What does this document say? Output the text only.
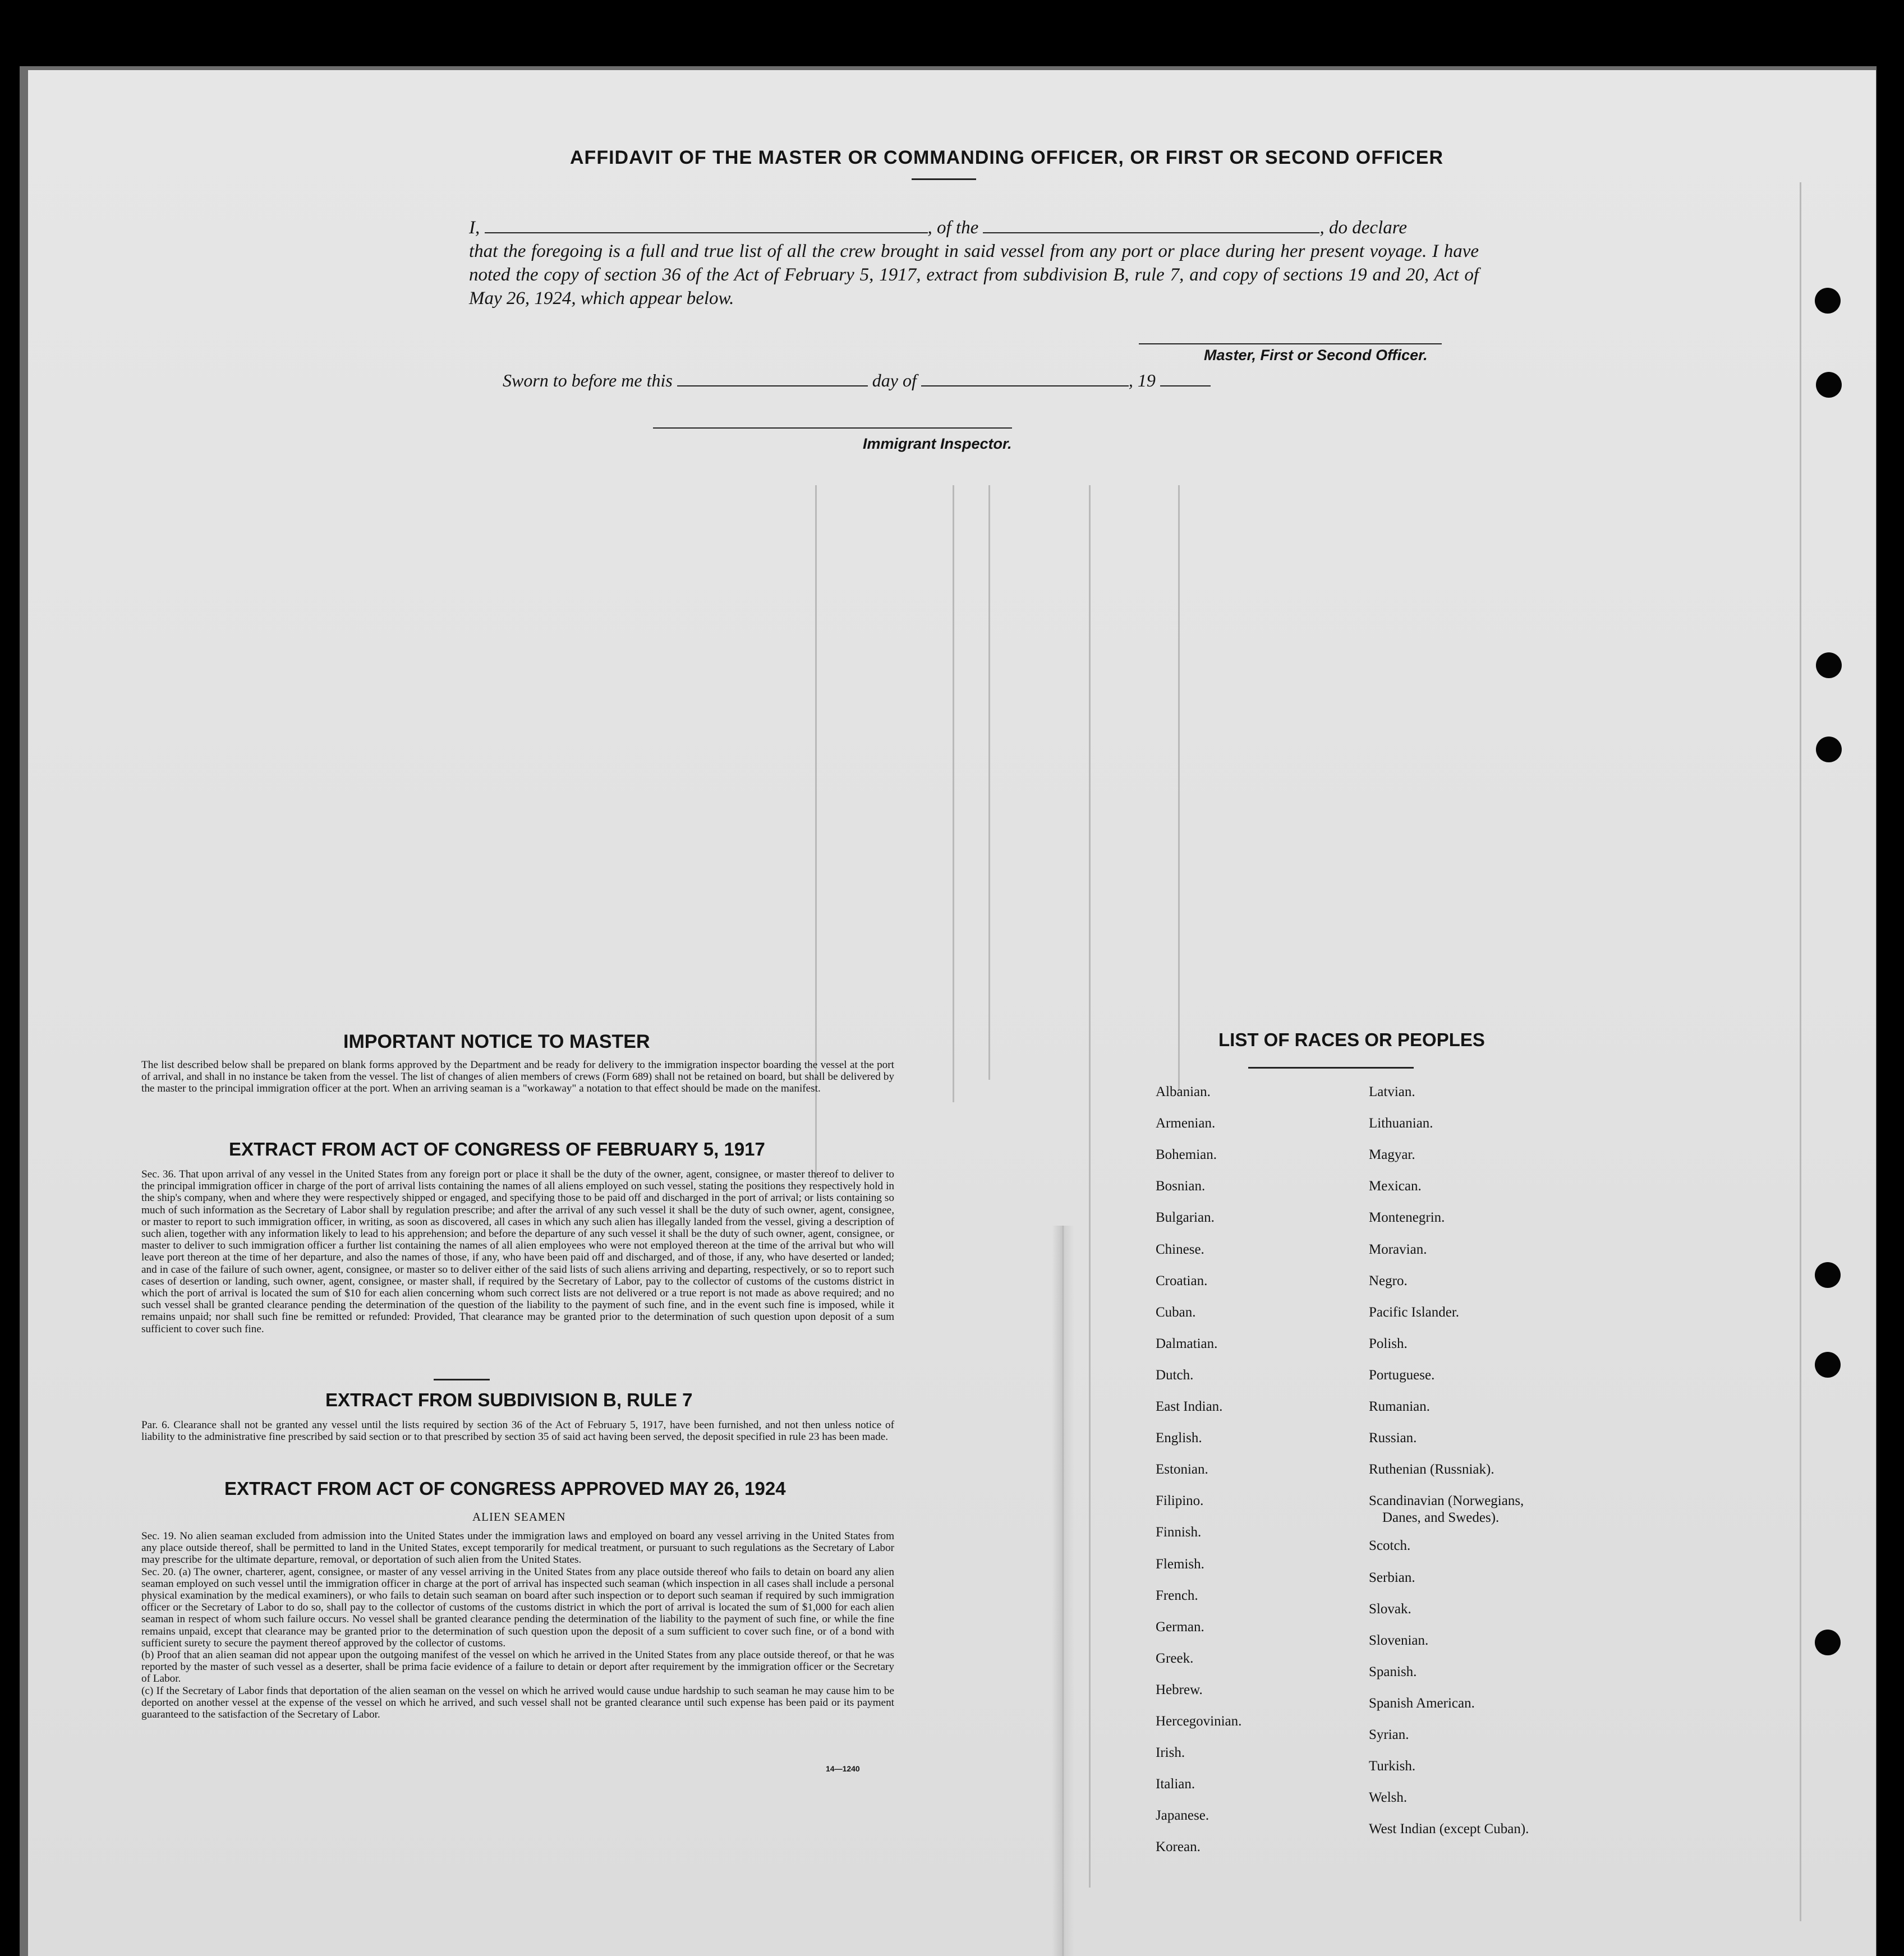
AFFIDAVIT OF THE MASTER OR COMMANDING OFFICER, OR FIRST OR SECOND OFFICER
I,	, of the	, do declare
that the foregoing is a full and true list of all the crew brought in said vessel from any port or place during her present voyage. I have noted the copy of section 36 of the Act of February 5, 1917, extract from subdivision B, rule 7, and copy of sections 19 and 20, Act of May 26, 1924, which appear below.
Master, First or Second Officer.
Sworn to before me this	day of	, 19
Immigrant Inspector.
IMPORTANT NOTICE TO MASTER
The list described below shall be prepared on blank forms approved by the Department and be ready for delivery to the immigration inspector boarding the vessel at the port of arrival, and shall in no instance be taken from the vessel. The list of changes of alien members of crews (Form 689) shall not be retained on board, but shall be delivered by the master to the principal immigration officer at the port. When an arriving seaman is a "workaway" a notation to that effect should be made on the manifest.
EXTRACT FROM ACT OF CONGRESS OF FEBRUARY 5, 1917
Sec. 36. That upon arrival of any vessel in the United States from any foreign port or place it shall be the duty of the owner, agent, consignee, or master thereof to deliver to the principal immigration officer in charge of the port of arrival lists containing the names of all aliens employed on such vessel, stating the positions they respectively hold in the ship's company, when and where they were respectively shipped or engaged, and specifying those to be paid off and discharged in the port of arrival; or lists containing so much of such information as the Secretary of Labor shall by regulation prescribe; and after the arrival of any such vessel it shall be the duty of such owner, agent, consignee, or master to report to such immigration officer, in writing, as soon as discovered, all cases in which any such alien has illegally landed from the vessel, giving a description of such alien, together with any information likely to lead to his apprehension; and before the departure of any such vessel it shall be the duty of such owner, agent, consignee, or master to deliver to such immigration officer a further list containing the names of all alien employees who were not employed thereon at the time of the arrival but who will leave port thereon at the time of her departure, and also the names of those, if any, who have been paid off and discharged, and of those, if any, who have deserted or landed; and in case of the failure of such owner, agent, consignee, or master so to deliver either of the said lists of such aliens arriving and departing, respectively, or so to report such cases of desertion or landing, such owner, agent, consignee, or master shall, if required by the Secretary of Labor, pay to the collector of customs of the customs district in which the port of arrival is located the sum of $10 for each alien concerning whom such correct lists are not delivered or a true report is not made as above required; and no such vessel shall be granted clearance pending the determination of the question of the liability to the payment of such fine, and in the event such fine is imposed, while it remains unpaid; nor shall such fine be remitted or refunded: Provided, That clearance may be granted prior to the determination of such question upon deposit of a sum sufficient to cover such fine.
EXTRACT FROM SUBDIVISION B, RULE 7
Par. 6. Clearance shall not be granted any vessel until the lists required by section 36 of the Act of February 5, 1917, have been furnished, and not then unless notice of liability to the administrative fine prescribed by said section or to that prescribed by section 35 of said act having been served, the deposit specified in rule 23 has been made.
EXTRACT FROM ACT OF CONGRESS APPROVED MAY 26, 1924
ALIEN SEAMEN
Sec. 19. No alien seaman excluded from admission into the United States under the immigration laws and employed on board any vessel arriving in the United States from any place outside thereof, shall be permitted to land in the United States, except temporarily for medical treatment, or pursuant to such regulations as the Secretary of Labor may prescribe for the ultimate departure, removal, or deportation of such alien from the United States.
Sec. 20. (a) The owner, charterer, agent, consignee, or master of any vessel arriving in the United States from any place outside thereof who fails to detain on board any alien seaman employed on such vessel until the immigration officer in charge at the port of arrival has inspected such seaman (which inspection in all cases shall include a personal physical examination by the medical examiners), or who fails to detain such seaman on board after such inspection or to deport such seaman if required by such immigration officer or the Secretary of Labor to do so, shall pay to the collector of customs of the customs district in which the port of arrival is located the sum of $1,000 for each alien seaman in respect of whom such failure occurs. No vessel shall be granted clearance pending the determination of the liability to the payment of such fine, or while the fine remains unpaid, except that clearance may be granted prior to the determination of such question upon the deposit of a sum sufficient to cover such fine, or of a bond with sufficient surety to secure the payment thereof approved by the collector of customs.
(b) Proof that an alien seaman did not appear upon the outgoing manifest of the vessel on which he arrived in the United States from any place outside thereof, or that he was reported by the master of such vessel as a deserter, shall be prima facie evidence of a failure to detain or deport after requirement by the immigration officer or the Secretary of Labor.
(c) If the Secretary of Labor finds that deportation of the alien seaman on the vessel on which he arrived would cause undue hardship to such seaman he may cause him to be deported on another vessel at the expense of the vessel on which he arrived, and such vessel shall not be granted clearance until such expense has been paid or its payment guaranteed to the satisfaction of the Secretary of Labor.
14—1240
LIST OF RACES OR PEOPLES
Albanian.
Armenian.
Bohemian.
Bosnian.
Bulgarian.
Chinese.
Croatian.
Cuban.
Dalmatian.
Dutch.
East Indian.
English.
Estonian.
Filipino.
Finnish.
Flemish.
French.
German.
Greek.
Hebrew.
Hercegovinian.
Irish.
Italian.
Japanese.
Korean.
Latvian.
Lithuanian.
Magyar.
Mexican.
Montenegrin.
Moravian.
Negro.
Pacific Islander.
Polish.
Portuguese.
Rumanian.
Russian.
Ruthenian (Russniak).
Scandinavian (Norwegians,
Danes, and Swedes).
Scotch.
Serbian.
Slovak.
Slovenian.
Spanish.
Spanish American.
Syrian.
Turkish.
Welsh.
West Indian (except Cuban).
